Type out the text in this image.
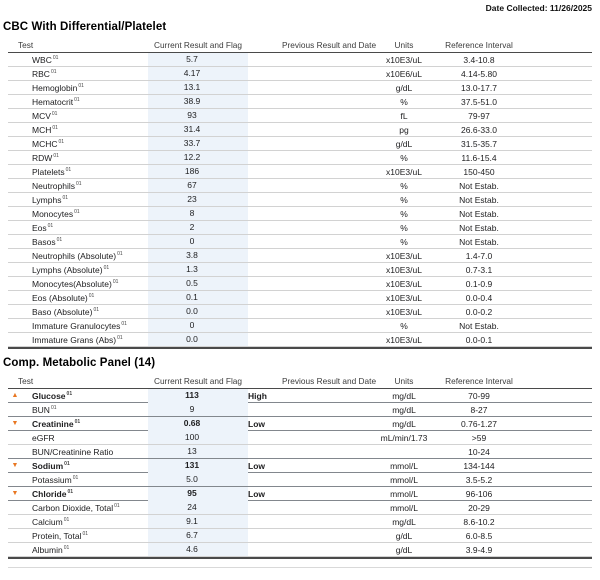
Date Collected: 11/26/2025
CBC With Differential/Platelet
Test	Current Result and Flag	Previous Result and Date	Units	Reference Interval
WBC$^{01}$	5.7	x10E3/uL	3.4-10.8
RBC$^{01}$	4.17	x10E6/uL	4.14-5.80
Hemoglobin$^{01}$	13.1	g/dL	13.0-17.7
Hematocrit$^{01}$	38.9	%	37.5-51.0
MCV$^{01}$	93	fL	79-97
MCH$^{01}$	31.4	pg	26.6-33.0
MCHC$^{01}$	33.7	g/dL	31.5-35.7
RDW$^{01}$	12.2	%	11.6-15.4
Platelets$^{01}$	186	x10E3/uL	150-450
Neutrophils$^{01}$	67	%	Not Estab.
Lymphs$^{01}$	23	%	Not Estab.
Monocytes$^{01}$	8	%	Not Estab.
Eos$^{01}$	2	%	Not Estab.
Basos$^{01}$	0	%	Not Estab.
Neutrophils (Absolute)$^{01}$	3.8	x10E3/uL	1.4-7.0
Lymphs (Absolute)$^{01}$	1.3	x10E3/uL	0.7-3.1
Monocytes(Absolute)$^{01}$	0.5	x10E3/uL	0.1-0.9
Eos (Absolute)$^{01}$	0.1	x10E3/uL	0.0-0.4
Baso (Absolute)$^{01}$	0.0	x10E3/uL	0.0-0.2
Immature Granulocytes$^{01}$	0	%	Not Estab.
Immature Grans (Abs)$^{01}$	0.0	x10E3/uL	0.0-0.1
Comp. Metabolic Panel (14)
Test	Current Result and Flag	Previous Result and Date	Units	Reference Interval
▲	Glucose$^{01}$	113	High	mg/dL	70-99
BUN$^{01}$	9	mg/dL	8-27
▼	Creatinine$^{01}$	0.68	Low	mg/dL	0.76-1.27
eGFR	100	mL/min/1.73	>59
BUN/Creatinine Ratio	13	10-24
▼	Sodium$^{01}$	131	Low	mmol/L	134-144
Potassium$^{01}$	5.0	mmol/L	3.5-5.2
▼	Chloride$^{01}$	95	Low	mmol/L	96-106
Carbon Dioxide, Total$^{01}$	24	mmol/L	20-29
Calcium$^{01}$	9.1	mg/dL	8.6-10.2
Protein, Total$^{01}$	6.7	g/dL	6.0-8.5
Albumin$^{01}$	4.6	g/dL	3.9-4.9
